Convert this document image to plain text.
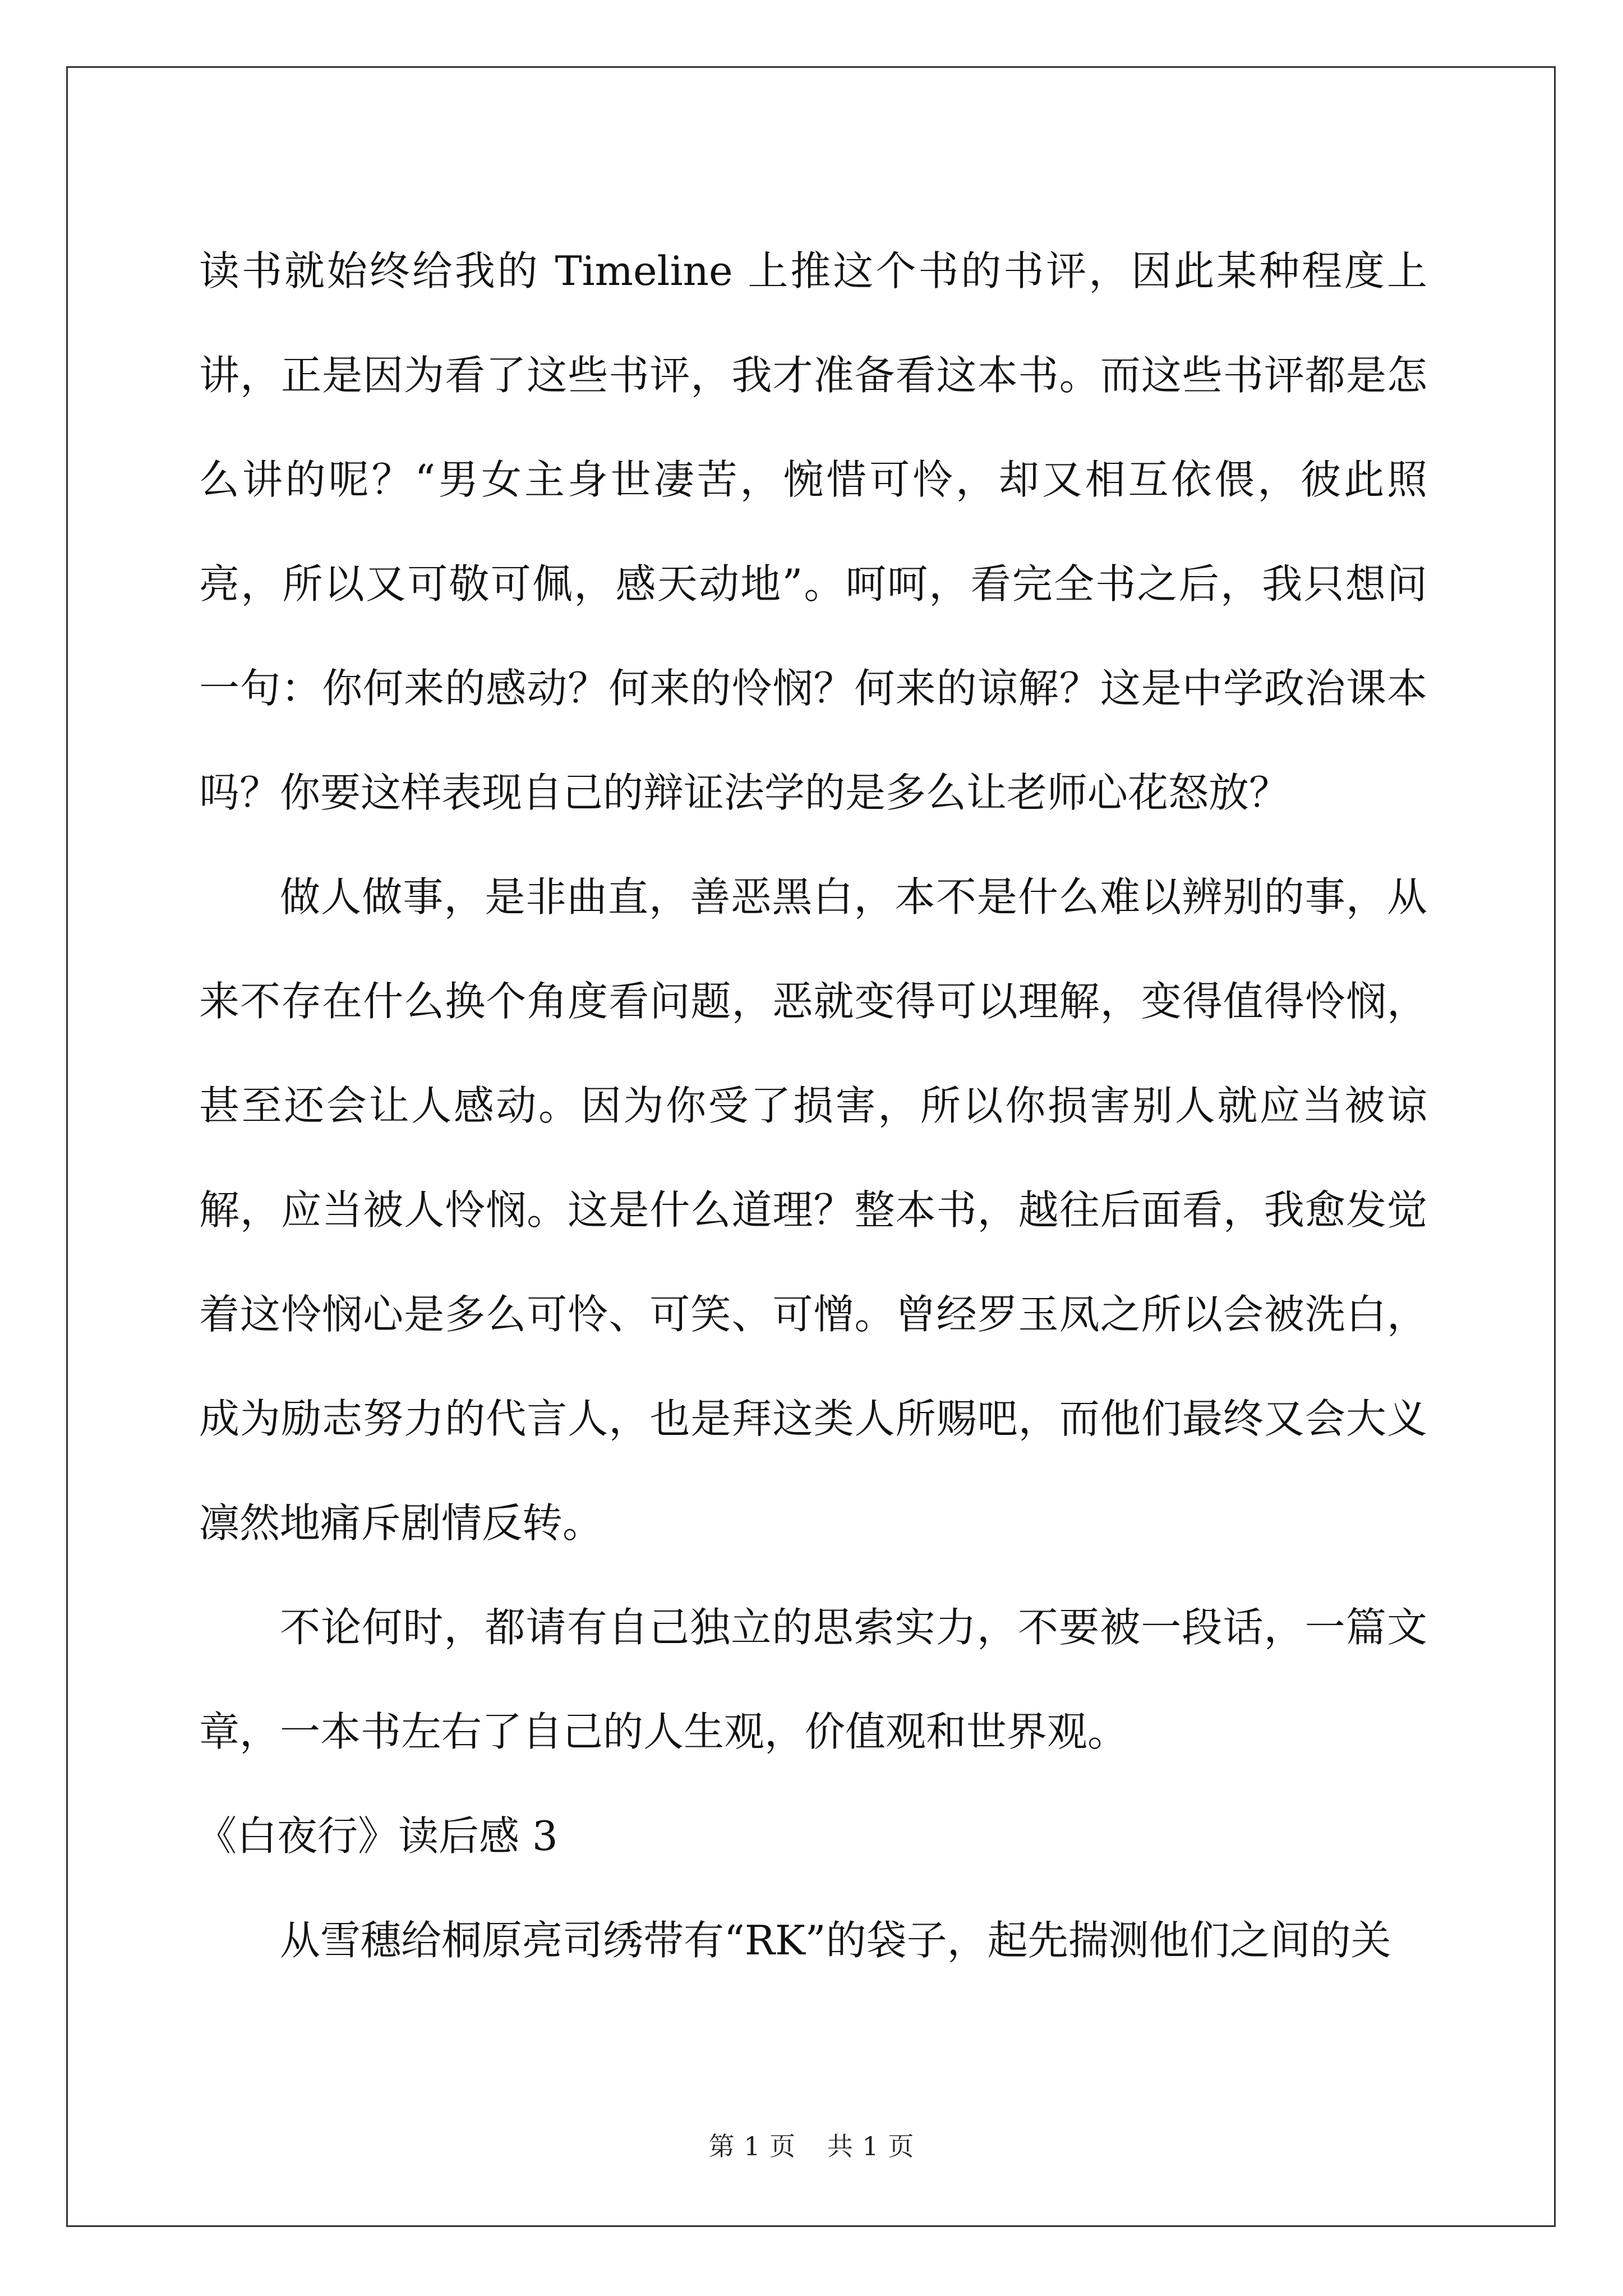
读书就始终给我的 Timeline 上推这个书的书评，因此某种程度上讲，正是因为看了这些书评，我才准备看这本书。而这些书评都是怎么讲的呢？“男女主身世凄苦，惋惜可怜，却又相互依偎，彼此照亮，所以又可敬可佩，感天动地”。呵呵，看完全书之后，我只想问一句：你何来的感动？何来的怜悯？何来的谅解？这是中学政治课本吗？你要这样表现自己的辩证法学的是多么让老师心花怒放？

做人做事，是非曲直，善恶黑白，本不是什么难以辨别的事，从来不存在什么换个角度看问题，恶就变得可以理解，变得值得怜悯，甚至还会让人感动。因为你受了损害，所以你损害别人就应当被谅解，应当被人怜悯。这是什么道理？整本书，越往后面看，我愈发觉着这怜悯心是多么可怜、可笑、可憎。曾经罗玉凤之所以会被洗白，成为励志努力的代言人，也是拜这类人所赐吧，而他们最终又会大义凛然地痛斥剧情反转。

不论何时，都请有自己独立的思索实力，不要被一段话，一篇文章，一本书左右了自己的人生观，价值观和世界观。

《白夜行》读后感 3

从雪穗给桐原亮司绣带有“RK”的袋子，起先揣测他们之间的关

第 1 页 共 1 页
